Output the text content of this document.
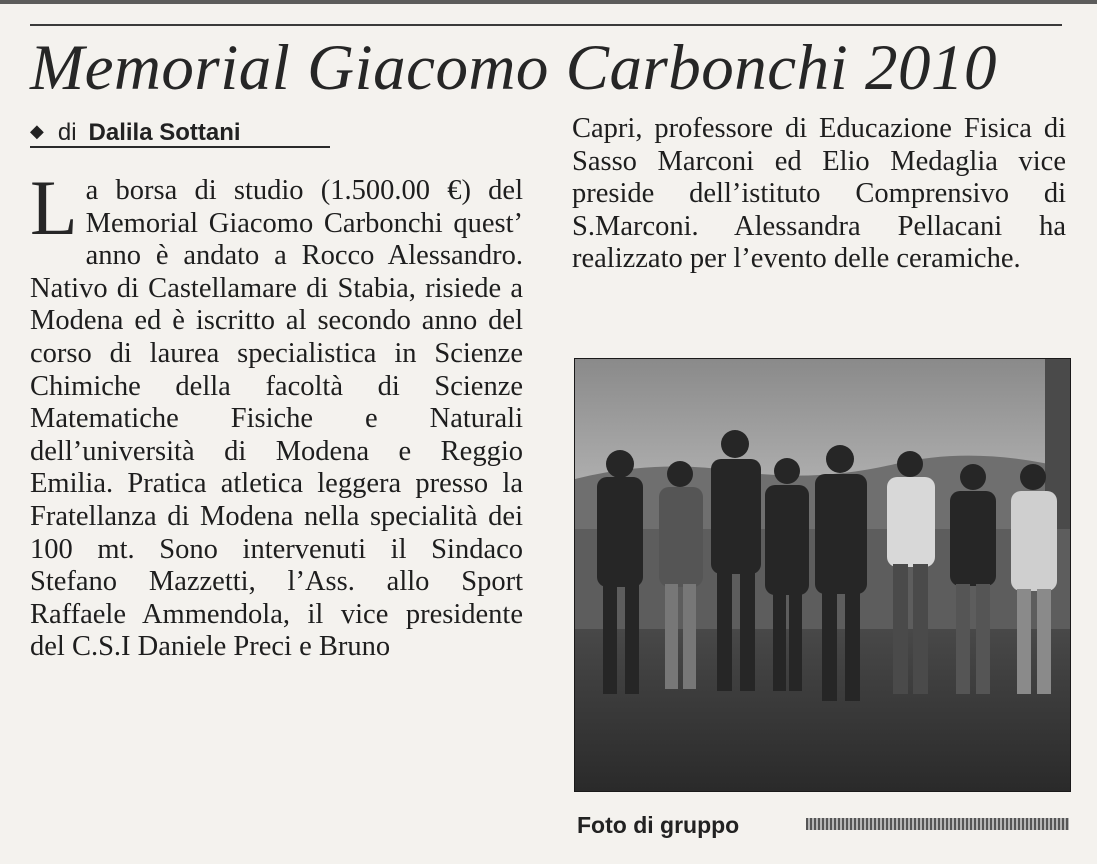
Memorial Giacomo Carbonchi 2010
◆ di Dalila Sottani
L a borsa di studio (1.500.00 €) del Memorial Giacomo Carbonchi quest’ anno è andato a Rocco Alessandro. Nativo di Castellamare di Stabia, risiede a Modena ed è iscritto al secondo anno del corso di laurea specialistica in Scienze Chimiche della facoltà di Scienze Matematiche Fisiche e Naturali dell’università di Modena e Reggio Emilia. Pratica atletica leggera presso la Fratellanza di Modena nella specialità dei 100 mt. Sono intervenuti il Sindaco Stefano Mazzetti, l’Ass. allo Sport Raffaele Ammendola, il vice presidente del C.S.I Daniele Preci e Bruno

Capri, professore di Educazione Fisica di Sasso Marconi ed Elio Medaglia vice preside dell’istituto Comprensivo di S.Marconi. Alessandra Pellacani ha realizzato per l’evento delle ceramiche.

Foto di gruppo
